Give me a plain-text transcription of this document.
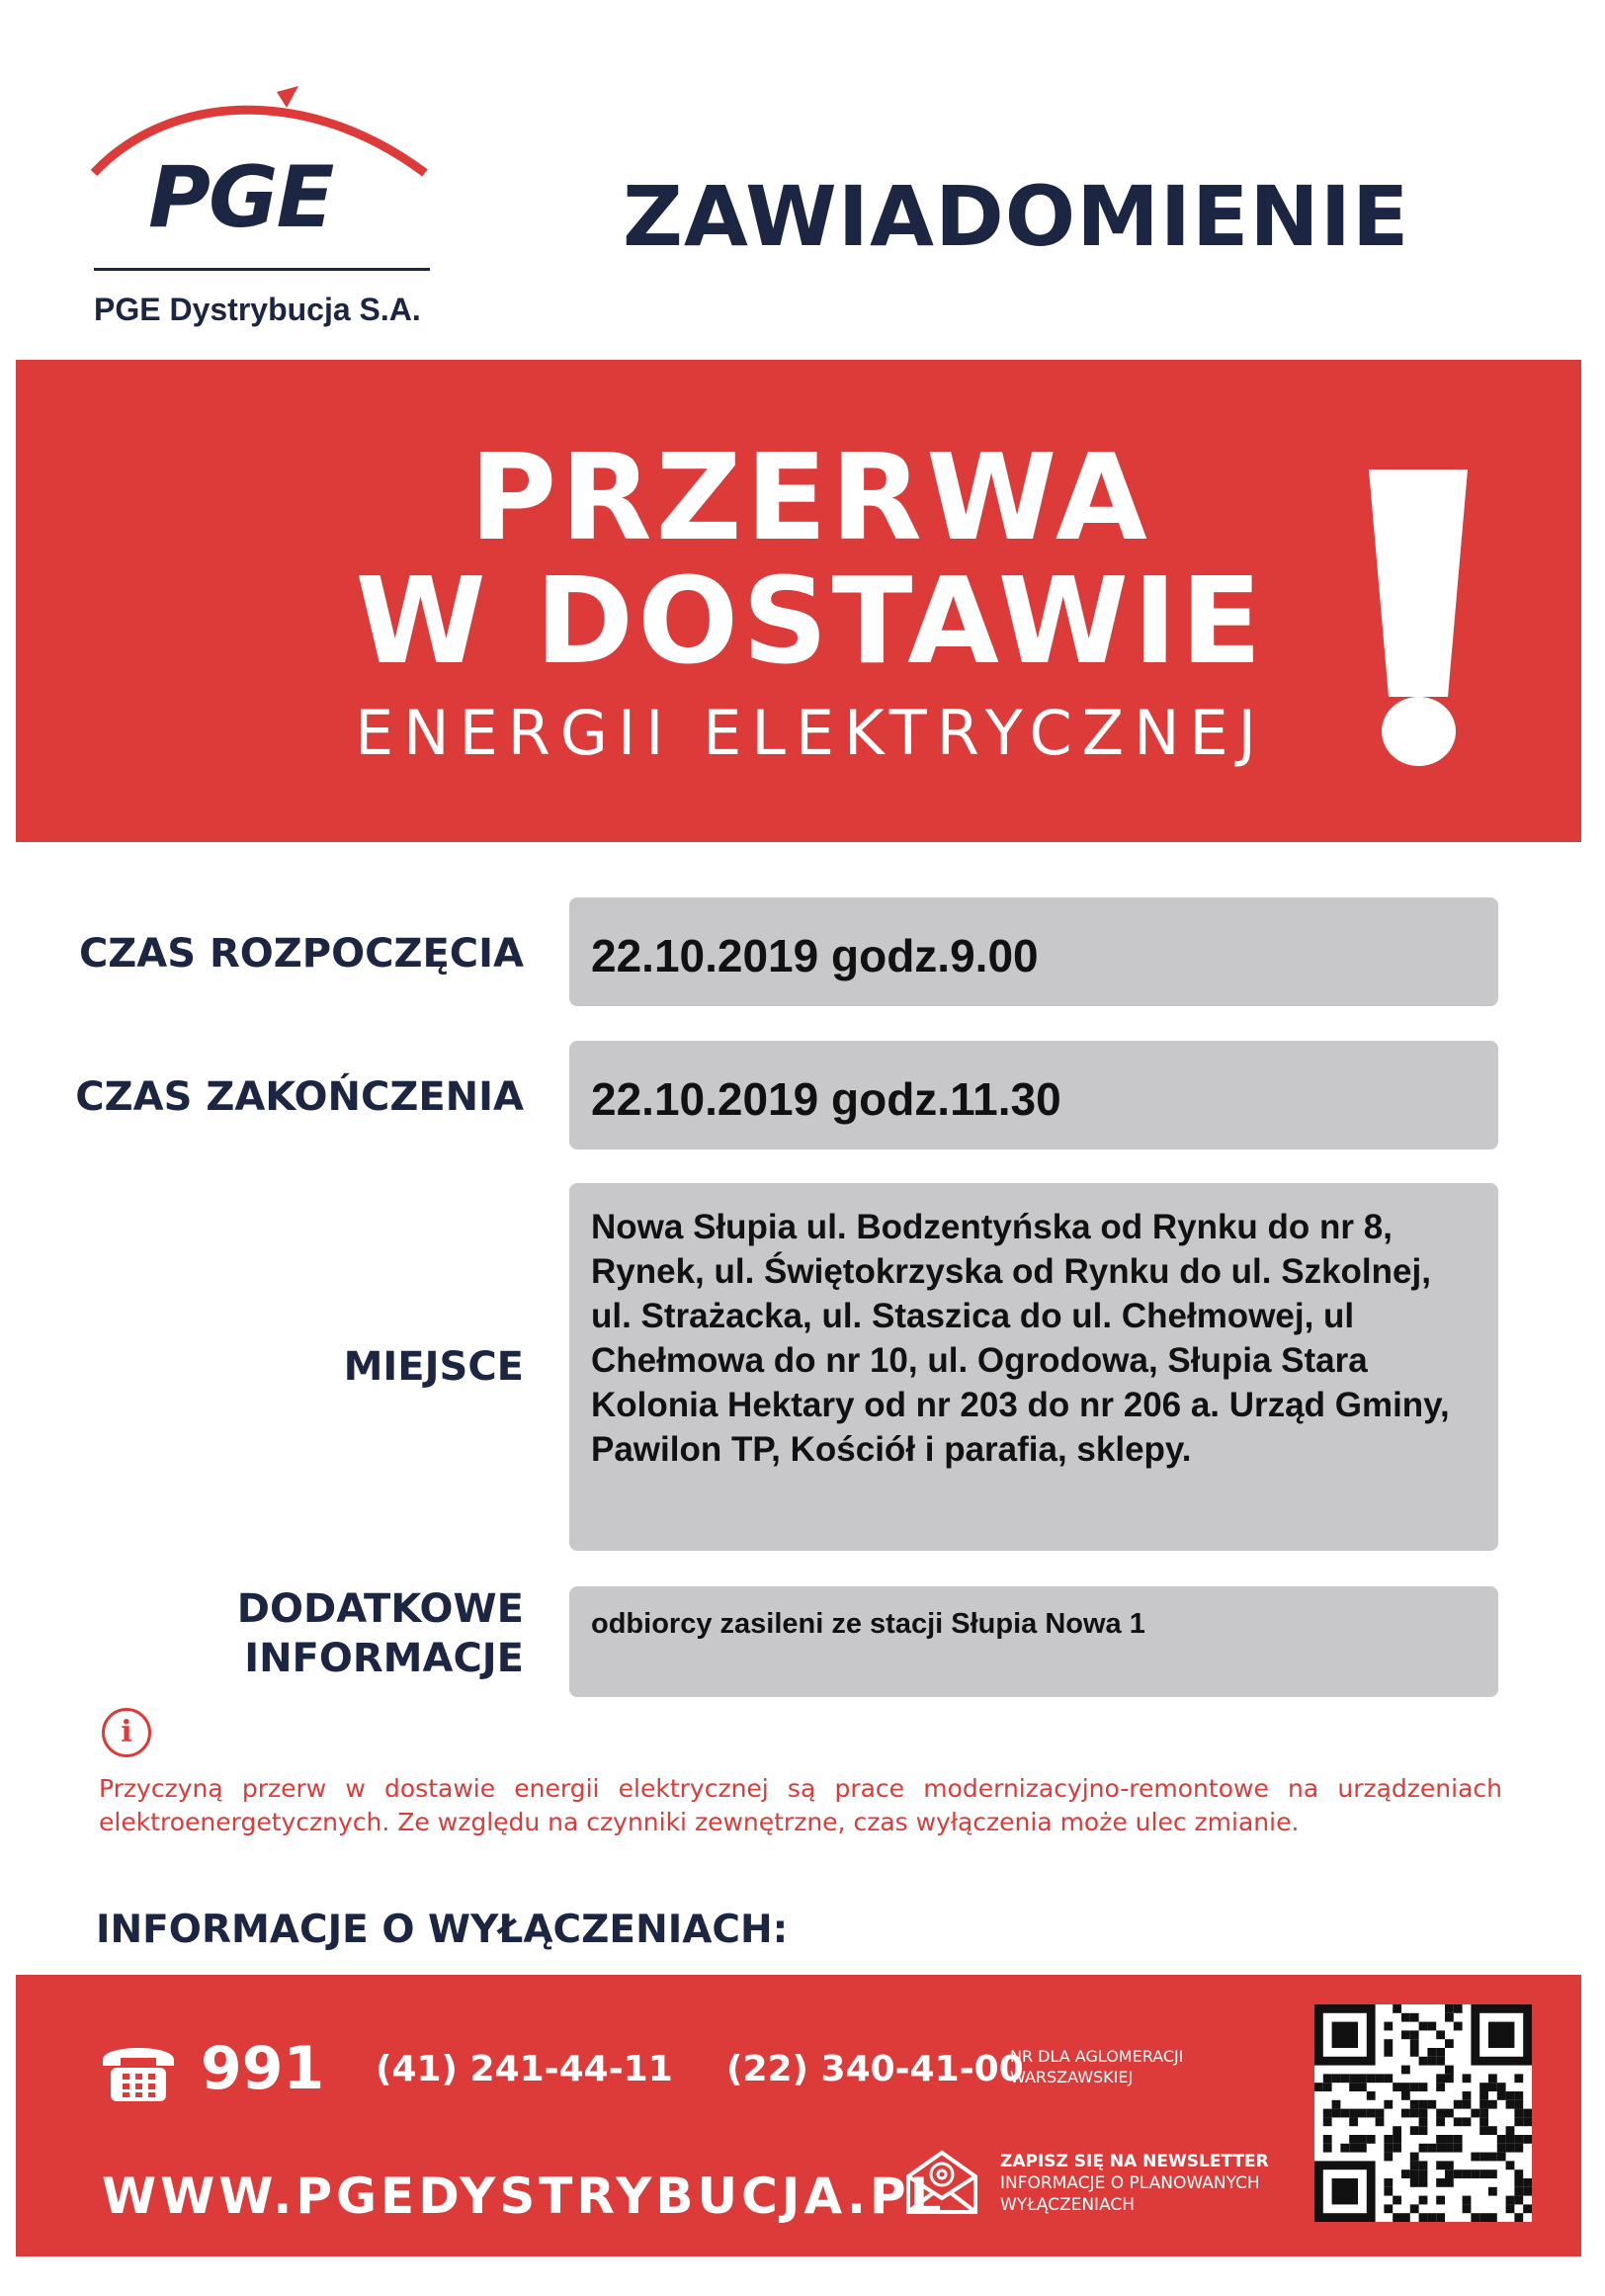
PGE
PGE Dystrybucja S.A.
ZAWIADOMIENIE
PRZERWA
W DOSTAWIE
ENERGII ELEKTRYCZNEJ
CZAS ROZPOCZĘCIA	22.10.2019 godz.9.00
CZAS ZAKOŃCZENIA	22.10.2019 godz.11.30
MIEJSCE
Nowa Słupia ul. Bodzentyńska od Rynku do nr 8, Rynek, ul. Świętokrzyska od Rynku do ul. Szkolnej, ul. Strażacka, ul. Staszica do ul. Chełmowej, ul Chełmowa do nr 10, ul. Ogrodowa, Słupia Stara Kolonia Hektary od nr 203 do nr 206 a. Urząd Gminy, Pawilon TP, Kościół i parafia, sklepy.
DODATKOWE
INFORMACJE
odbiorcy zasileni ze stacji Słupia Nowa 1
i
Przyczyną przerw w dostawie energii elektrycznej są prace modernizacyjno-remontowe na urządzeniach elektroenergetycznych. Ze względu na czynniki zewnętrzne, czas wyłączenia może ulec zmianie.
INFORMACJE O WYŁĄCZENIACH:
991 (41) 241-44-11 (22) 340-41-00
NR DLA AGLOMERACJI
WARSZAWSKIEJ
WWW.PGEDYSTRYBUCJA.PL
ZAPISZ SIĘ NA NEWSLETTER
INFORMACJE O PLANOWANYCH
WYŁĄCZENIACH
